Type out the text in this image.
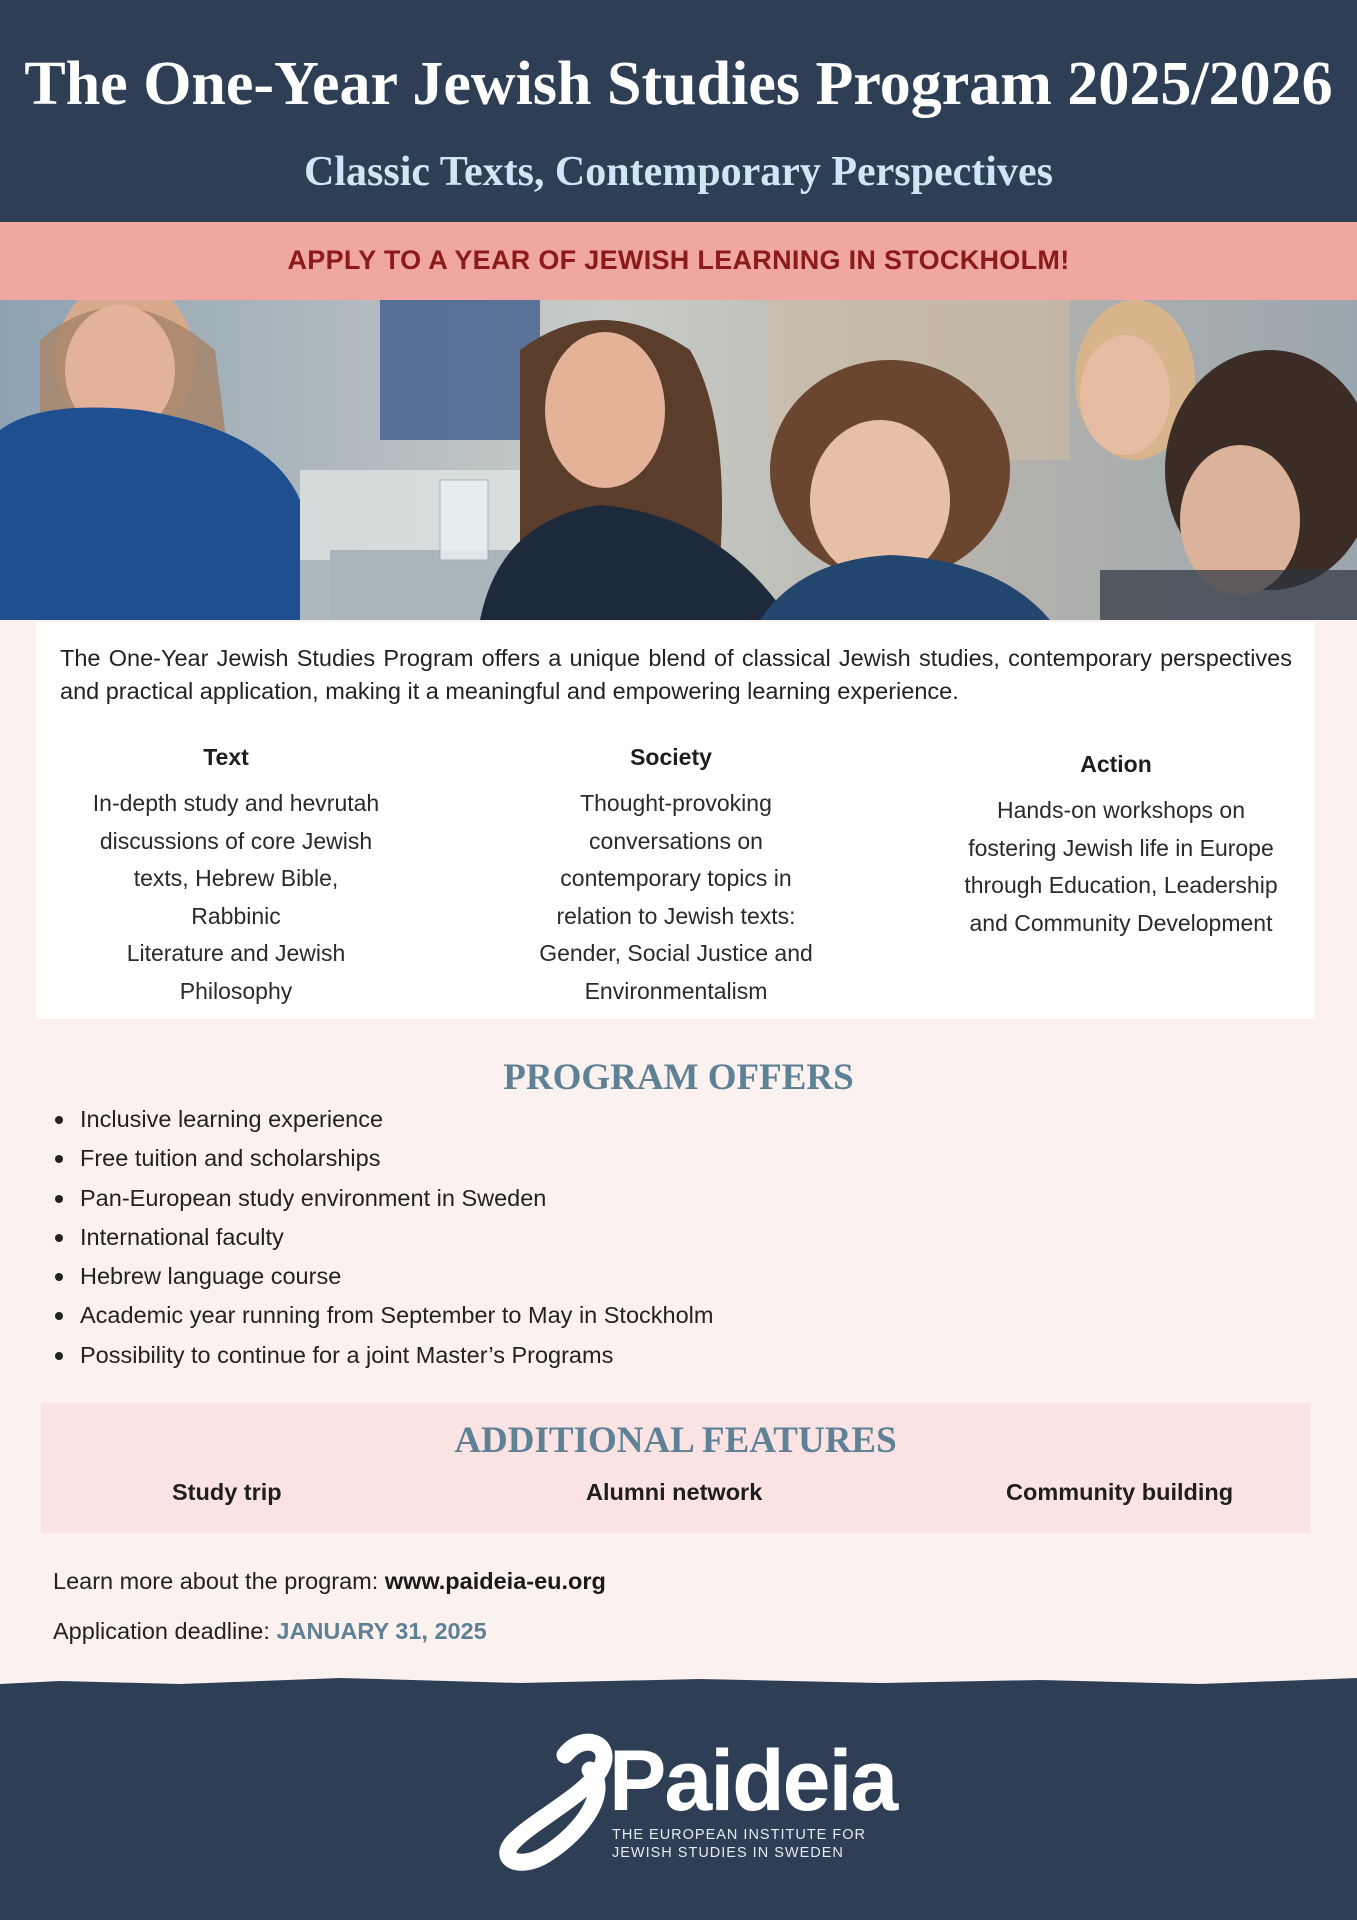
The One-Year Jewish Studies Program 2025/2026
Classic Texts, Contemporary Perspectives
APPLY TO A YEAR OF JEWISH LEARNING IN STOCKHOLM!
The One-Year Jewish Studies Program offers a unique blend of classical Jewish studies, contemporary perspectives and practical application, making it a meaningful and empowering learning experience.
Text
In-depth study and hevrutah
discussions of core Jewish
texts, Hebrew Bible, Rabbinic
Literature and Jewish
Philosophy
Society
Thought-provoking
conversations on
contemporary topics in
relation to Jewish texts:
Gender, Social Justice and
Environmentalism
Action
Hands-on workshops on
fostering Jewish life in Europe
through Education, Leadership
and Community Development
PROGRAM OFFERS
Inclusive learning experience
Free tuition and scholarships
Pan-European study environment in Sweden
International faculty
Hebrew language course
Academic year running from September to May in Stockholm
Possibility to continue for a joint Master’s Programs
ADDITIONAL FEATURES
Study trip	Alumni network	Community building
Learn more about the program: www.paideia-eu.org
Application deadline: JANUARY 31, 2025
Paideia
THE EUROPEAN INSTITUTE FOR
JEWISH STUDIES IN SWEDEN
